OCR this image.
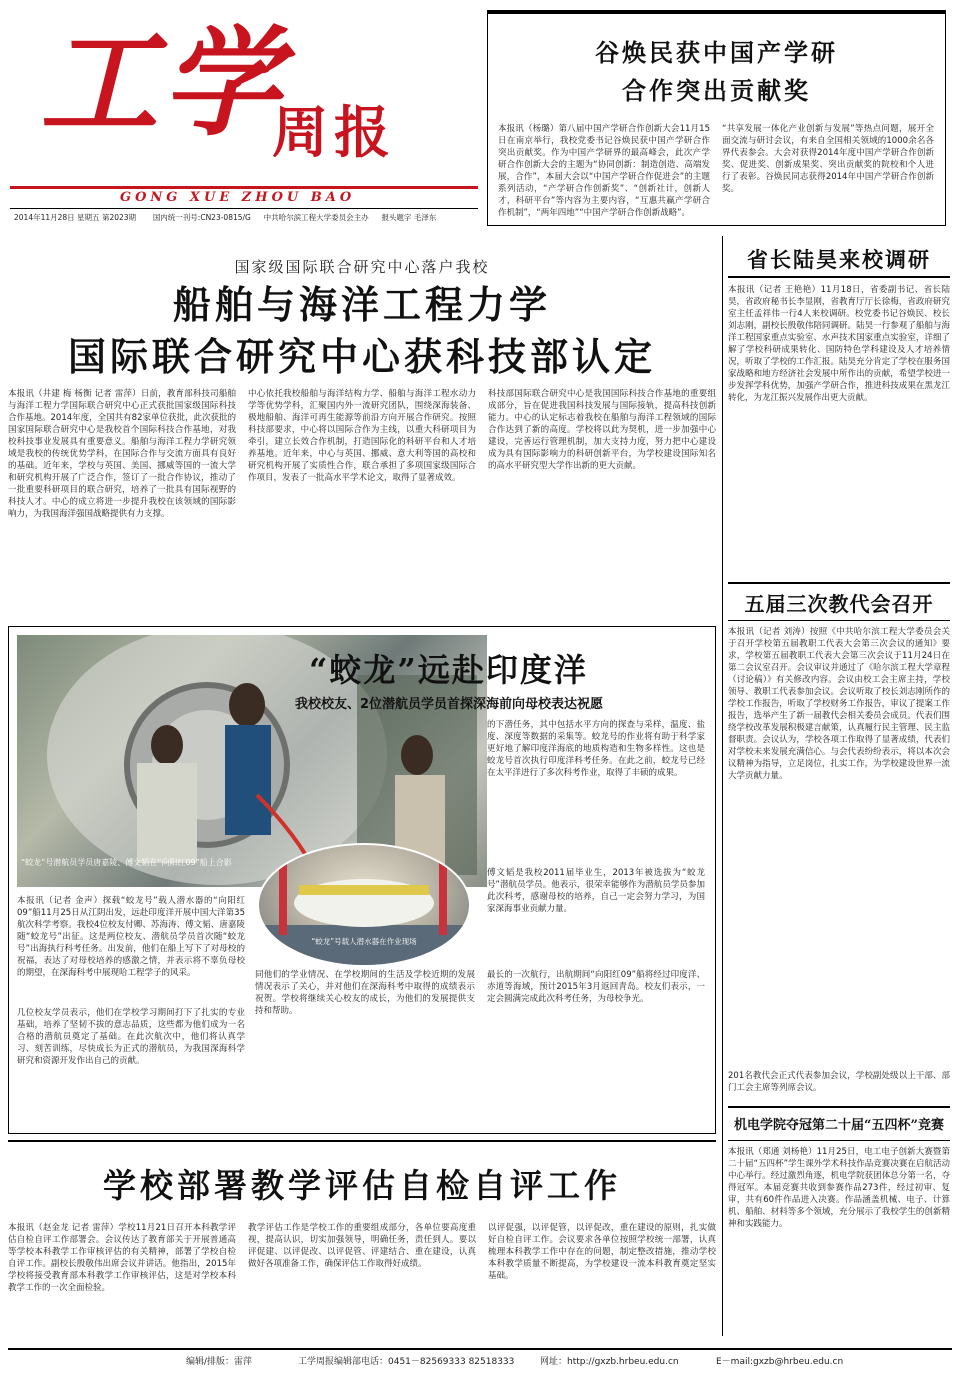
工学
周报
GONG XUE ZHOU BAO
2014年11月28日 星期五 第2023期 国内统一刊号:CN23-0815/G 中共哈尔滨工程大学委员会主办 报头题字 毛泽东
谷焕民获中国产学研
合作突出贡献奖
本报讯（杨璐）第八届中国产学研合作创新大会11月15日在南京举行，我校党委书记谷焕民获中国产学研合作突出贡献奖。作为中国产学研界的最高峰会，此次产学研合作创新大会的主题为“协同创新：制造创造、高端发展，合作”，本届大会以“中国产学研合作促进会”的主题系列活动，“产学研合作创新奖”、“创新社计，创新人才，科研平台”等内容为主要内容，“互惠共赢产学研合作机制”，“两年四地”“中国产学研合作创新战略”。
“共享发展一体化产业创新与发展”等热点问题，展开全面交流与研讨会议，有来自全国相关领域的1000余名各界代表参会。大会对获得2014年度中国产学研合作创新奖、促进奖、创新成果奖、突出贡献奖的院校和个人进行了表彰。谷焕民同志获得2014年中国产学研合作创新奖。
国家级国际联合研究中心落户我校
船舶与海洋工程力学
国际联合研究中心获科技部认定
本报讯（井建 梅 杨衡 记者 雷萍）日前，教育部科技司船舶与海洋工程力学国际联合研究中心正式获批国家级国际科技合作基地。2014年度，全国共有82家单位获批，此次获批的国家国际联合研究中心是我校首个国际科技合作基地，对我校科技事业发展具有重要意义。船舶与海洋工程力学研究领域是我校的传统优势学科，在国际合作与交流方面具有良好的基础。近年来，学校与英国、美国、挪威等国的一流大学和研究机构开展了广泛合作，签订了一批合作协议，推动了一批重要科研项目的联合研究，培养了一批具有国际视野的科技人才。中心的成立将进一步提升我校在该领域的国际影响力，为我国海洋强国战略提供有力支撑。
中心依托我校船舶与海洋结构力学、船舶与海洋工程水动力学等优势学科，汇聚国内外一流研究团队，围绕深海装备、极地船舶、海洋可再生能源等前沿方向开展合作研究。按照科技部要求，中心将以国际合作为主线，以重大科研项目为牵引，建立长效合作机制，打造国际化的科研平台和人才培养基地。近年来，中心与英国、挪威、意大利等国的高校和研究机构开展了实质性合作，联合承担了多项国家级国际合作项目，发表了一批高水平学术论文，取得了显著成效。
科技部国际联合研究中心是我国国际科技合作基地的重要组成部分，旨在促进我国科技发展与国际接轨，提高科技创新能力。中心的认定标志着我校在船舶与海洋工程领域的国际合作达到了新的高度。学校将以此为契机，进一步加强中心建设，完善运行管理机制，加大支持力度，努力把中心建设成为具有国际影响力的科研创新平台，为学校建设国际知名的高水平研究型大学作出新的更大贡献。
省长陆昊来校调研
本报讯（记者 王艳艳）11月18日，省委副书记、省长陆昊，省政府秘书长李显刚，省教育厅厅长徐梅，省政府研究室主任孟祥伟一行4人来校调研。校党委书记谷焕民、校长刘志刚，副校长殷敬伟陪同调研。陆昊一行参观了船舶与海洋工程国家重点实验室、水声技术国家重点实验室，详细了解了学校科研成果转化、国防特色学科建设及人才培养情况，听取了学校的工作汇报。陆昊充分肯定了学校在服务国家战略和地方经济社会发展中所作出的贡献，希望学校进一步发挥学科优势，加强产学研合作，推进科技成果在黑龙江转化，为龙江振兴发展作出更大贡献。
五届三次教代会召开
本报讯（记者 刘涛）按照《中共哈尔滨工程大学委员会关于召开学校第五届教职工代表大会第三次会议的通知》要求，学校第五届教职工代表大会第三次会议于11月24日在第二会议室召开。会议审议并通过了《哈尔滨工程大学章程（讨论稿）》有关修改内容。会议由校工会主席主持，学校领导、教职工代表参加会议。会议听取了校长刘志刚所作的学校工作报告，听取了学校财务工作报告，审议了提案工作报告，选举产生了新一届教代会相关委员会成员。代表们围绕学校改革发展积极建言献策，认真履行民主管理、民主监督职责。会议认为，学校各项工作取得了显著成绩，代表们对学校未来发展充满信心。与会代表纷纷表示，将以本次会议精神为指导，立足岗位，扎实工作，为学校建设世界一流大学贡献力量。
201名教代会正式代表参加会议，学校副处级以上干部、部门工会主席等列席会议。
机电学院夺冠第二十届“五四杯”竞赛
本报讯（郑通 刘杨艳）11月25日，电工电子创新大赛暨第二十届“五四杯”学生课外学术科技作品竞赛决赛在启航活动中心举行。经过激烈角逐，机电学院获团体总分第一名，夺得冠军。本届竞赛共收到参赛作品273件，经过初审、复审，共有60件作品进入决赛。作品涵盖机械、电子、计算机、船舶、材料等多个领域，充分展示了我校学生的创新精神和实践能力。
“蛟龙”号潜航员学员唐嘉陵、傅文韬在“向阳红09”船上合影
“蛟龙”远赴印度洋
我校校友、2位潜航员学员首探深海前向母校表达祝愿
“蛟龙”号载人潜水器在作业现场
本报讯（记者 金声）探载“蛟龙号”载人潜水器的“向阳红09”船11月25日从江阴出发，远赴印度洋开展中国大洋第35航次科学考察。我校4位校友付卿、苏海涛、傅文韬、唐嘉陵随“蛟龙号”出征。这是两位校友、潜航员学员首次随“蛟龙号”出海执行科考任务。出发前，他们在船上写下了对母校的祝福，表达了对母校培养的感激之情，并表示将不辜负母校的期望，在深海科考中展现哈工程学子的风采。
几位校友学员表示，他们在学校学习期间打下了扎实的专业基础，培养了坚韧不拔的意志品质，这些都为他们成为一名合格的潜航员奠定了基础。在此次航次中，他们将认真学习、刻苦训练，尽快成长为正式的潜航员，为我国深海科学研究和资源开发作出自己的贡献。
的下潜任务，其中包括水平方向的探查与采样，温度、盐度、深度等数据的采集等。蛟龙号的作业将有助于科学家更好地了解印度洋海底的地质构造和生物多样性。这也是蛟龙号首次执行印度洋科考任务。在此之前，蛟龙号已经在太平洋进行了多次科考作业，取得了丰硕的成果。
傅文韬是我校2011届毕业生，2013年被选拔为“蛟龙号”潜航员学员。他表示，很荣幸能够作为潜航员学员参加此次科考，感谢母校的培养，自己一定会努力学习，为国家深海事业贡献力量。
同他们的学业情况、在学校期间的生活及学校近期的发展情况表示了关心，并对他们在深海科考中取得的成绩表示祝贺。学校将继续关心校友的成长，为他们的发展提供支持和帮助。
最长的一次航行，出航期间“向阳红09”船将经过印度洋、赤道等海域，预计2015年3月返回青岛。校友们表示，一定会圆满完成此次科考任务，为母校争光。
学校部署教学评估自检自评工作
本报讯（赵金龙 记者 雷萍）学校11月21日召开本科教学评估自检自评工作部署会。会议传达了教育部关于开展普通高等学校本科教学工作审核评估的有关精神，部署了学校自检自评工作。副校长殷敬伟出席会议并讲话。他指出，2015年学校将接受教育部本科教学工作审核评估，这是对学校本科教学工作的一次全面检验。
教学评估工作是学校工作的重要组成部分，各单位要高度重视，提高认识，切实加强领导，明确任务，责任到人。要以评促建、以评促改、以评促管、评建结合、重在建设，认真做好各项准备工作，确保评估工作取得好成绩。
以评促强，以评促管，以评促改，重在建设的原则，扎实做好自检自评工作。会议要求各单位按照学校统一部署，认真梳理本科教学工作中存在的问题，制定整改措施，推动学校本科教学质量不断提高，为学校建设一流本科教育奠定坚实基础。
编辑/排版：雷萍	工学周报编辑部电话：0451－82569333 82518333	网址：http://gxzb.hrbeu.edu.cn	E－mail:gxzb@hrbeu.edu.cn
